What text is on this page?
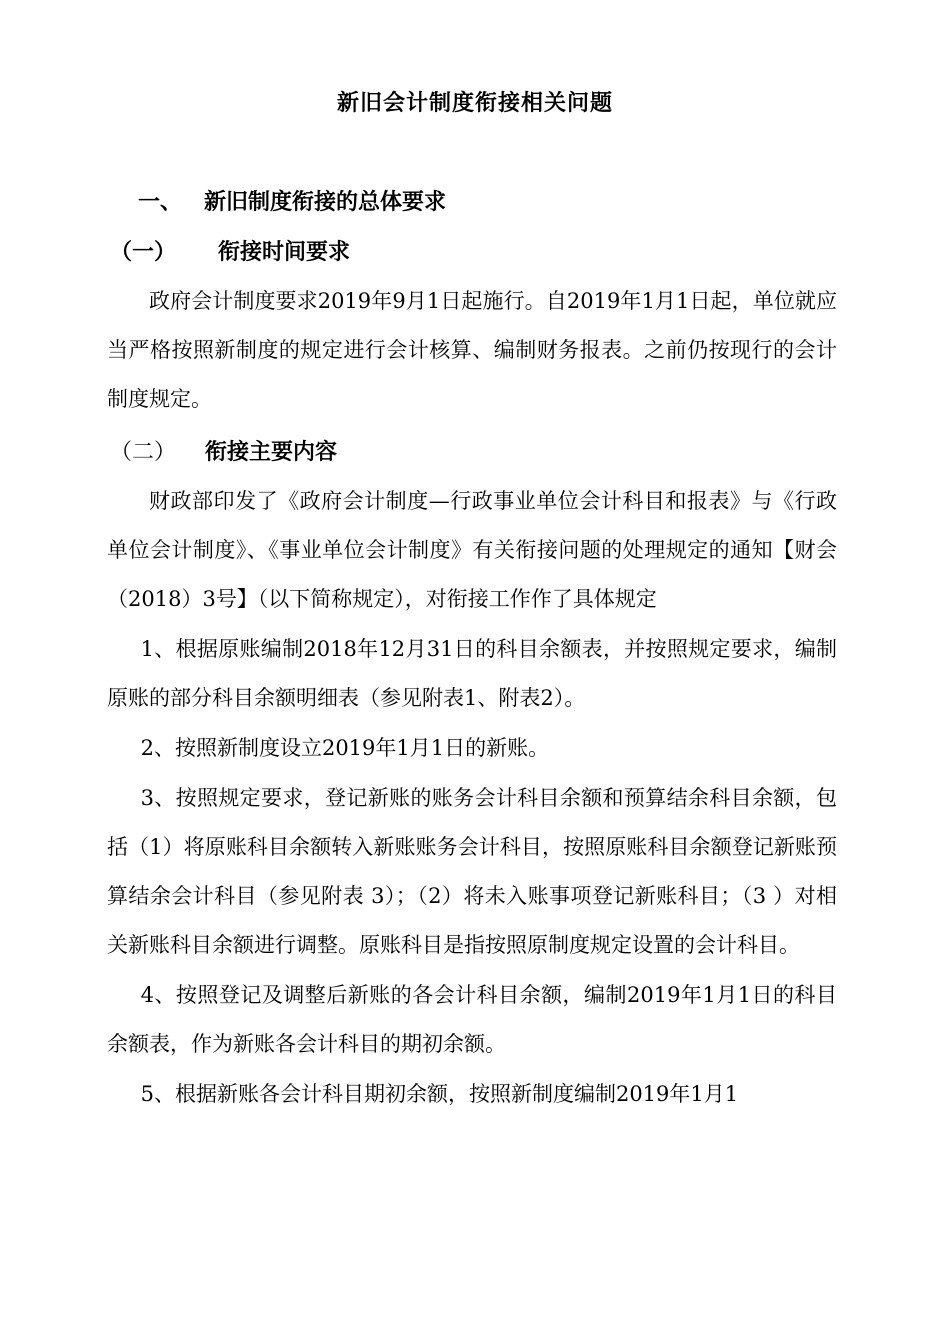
新旧会计制度衔接相关问题
一、 新旧制度衔接的总体要求
（一） 衔接时间要求

政府会计制度要求2019年9月1日起施行。自2019年1月1日起，单位就应当严格按照新制度的规定进行会计核算、编制财务报表。之前仍按现行的会计制度规定。

（二） 衔接主要内容

财政部印发了《政府会计制度—行政事业单位会计科目和报表》与《行政单位会计制度》、《事业单位会计制度》有关衔接问题的处理规定的通知【财会（2018）3号】（以下简称规定），对衔接工作作了具体规定

1、根据原账编制2018年12月31日的科目余额表，并按照规定要求，编制原账的部分科目余额明细表（参见附表1、附表2）。

2、按照新制度设立2019年1月1日的新账。

3、按照规定要求，登记新账的账务会计科目余额和预算结余科目余额，包括（1）将原账科目余额转入新账账务会计科目，按照原账科目余额登记新账预算结余会计科目（参见附表 3）；（2）将未入账事项登记新账科目；（3 ）对相关新账科目余额进行调整。原账科目是指按照原制度规定设置的会计科目。

4、按照登记及调整后新账的各会计科目余额，编制2019年1月1日的科目余额表，作为新账各会计科目的期初余额。

5、根据新账各会计科目期初余额，按照新制度编制2019年1月1
